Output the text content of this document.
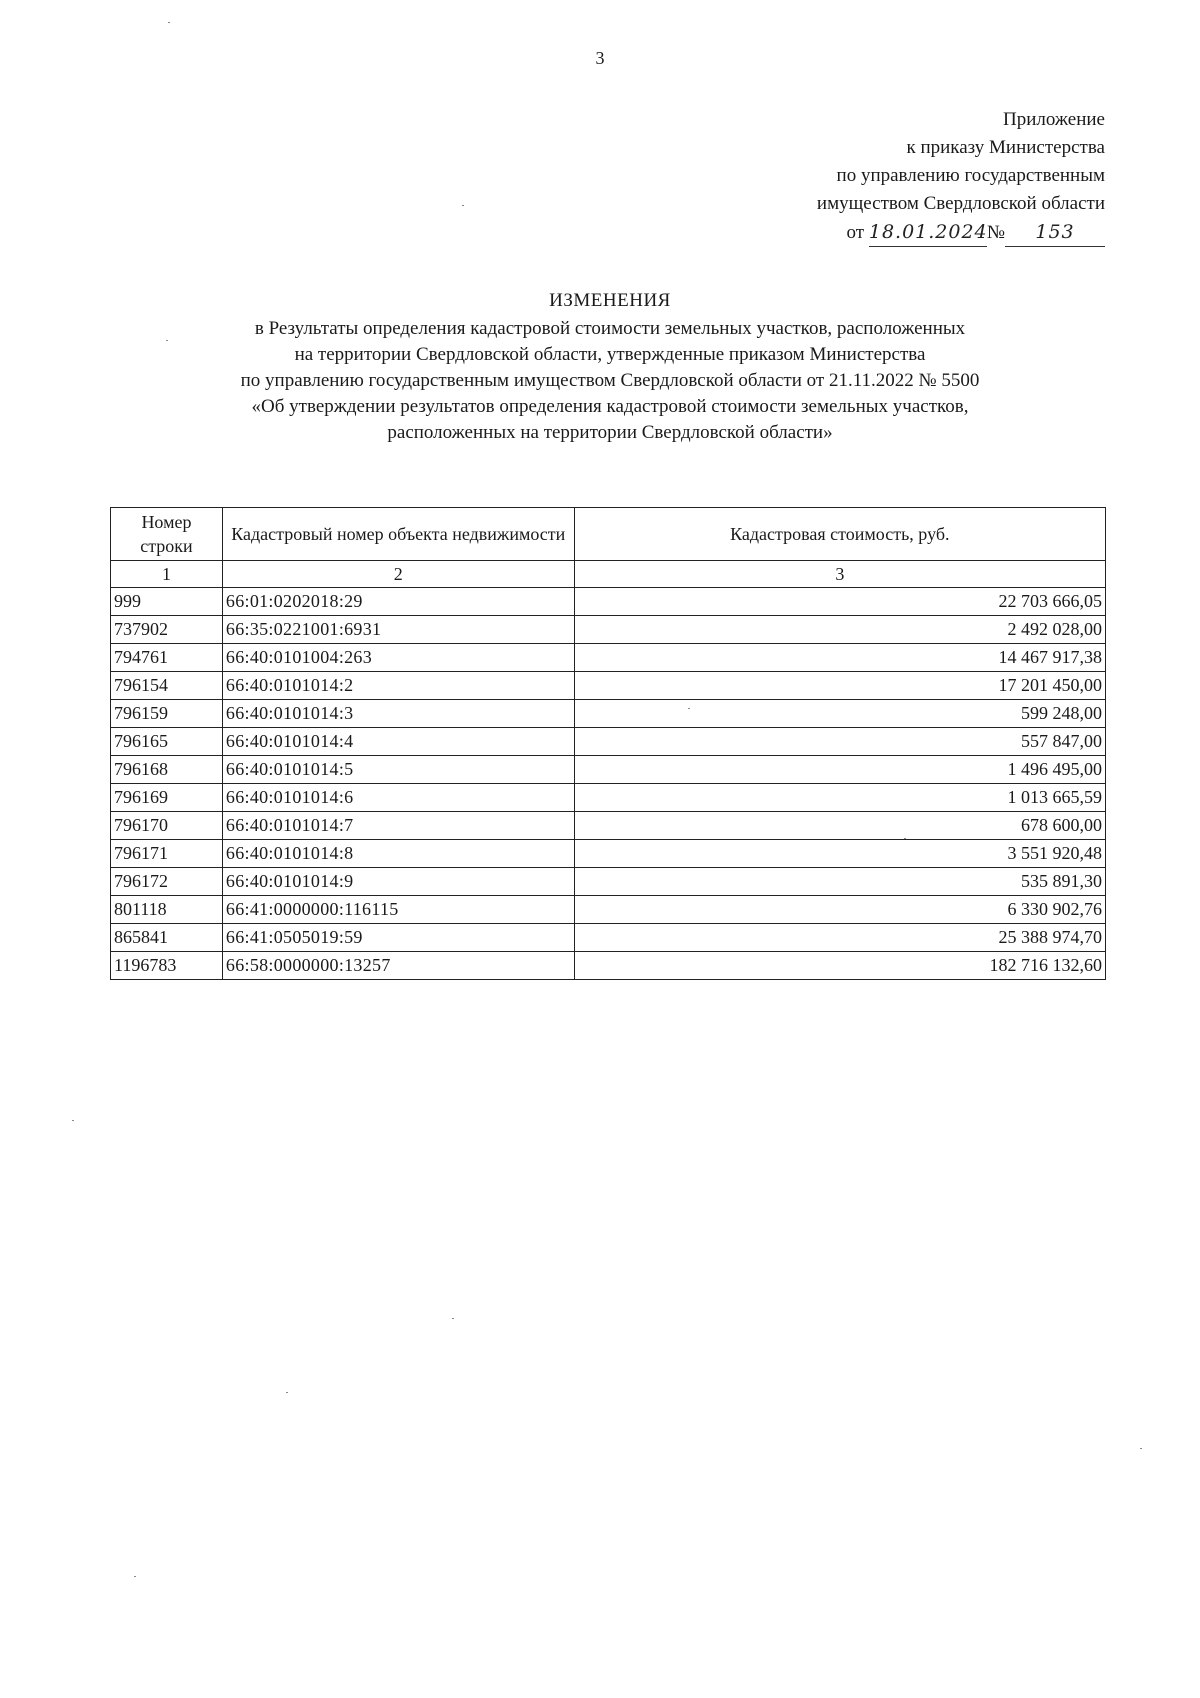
3
Приложение
к приказу Министерства
по управлению государственным
имуществом Свердловской области
от 18.01.2024№ 153
ИЗМЕНЕНИЯ
в Результаты определения кадастровой стоимости земельных участков, расположенных
на территории Свердловской области, утвержденные приказом Министерства
по управлению государственным имуществом Свердловской области от 21.11.2022 № 5500
«Об утверждении результатов определения кадастровой стоимости земельных участков,
расположенных на территории Свердловской области»
Номер строки	Кадастровый номер объекта недвижимости	Кадастровая стоимость, руб.
1	2	3
999	66:01:0202018:29	22 703 666,05
737902	66:35:0221001:6931	2 492 028,00
794761	66:40:0101004:263	14 467 917,38
796154	66:40:0101014:2	17 201 450,00
796159	66:40:0101014:3	599 248,00
796165	66:40:0101014:4	557 847,00
796168	66:40:0101014:5	1 496 495,00
796169	66:40:0101014:6	1 013 665,59
796170	66:40:0101014:7	678 600,00
796171	66:40:0101014:8	3 551 920,48
796172	66:40:0101014:9	535 891,30
801118	66:41:0000000:116115	6 330 902,76
865841	66:41:0505019:59	25 388 974,70
1196783	66:58:0000000:13257	182 716 132,60
